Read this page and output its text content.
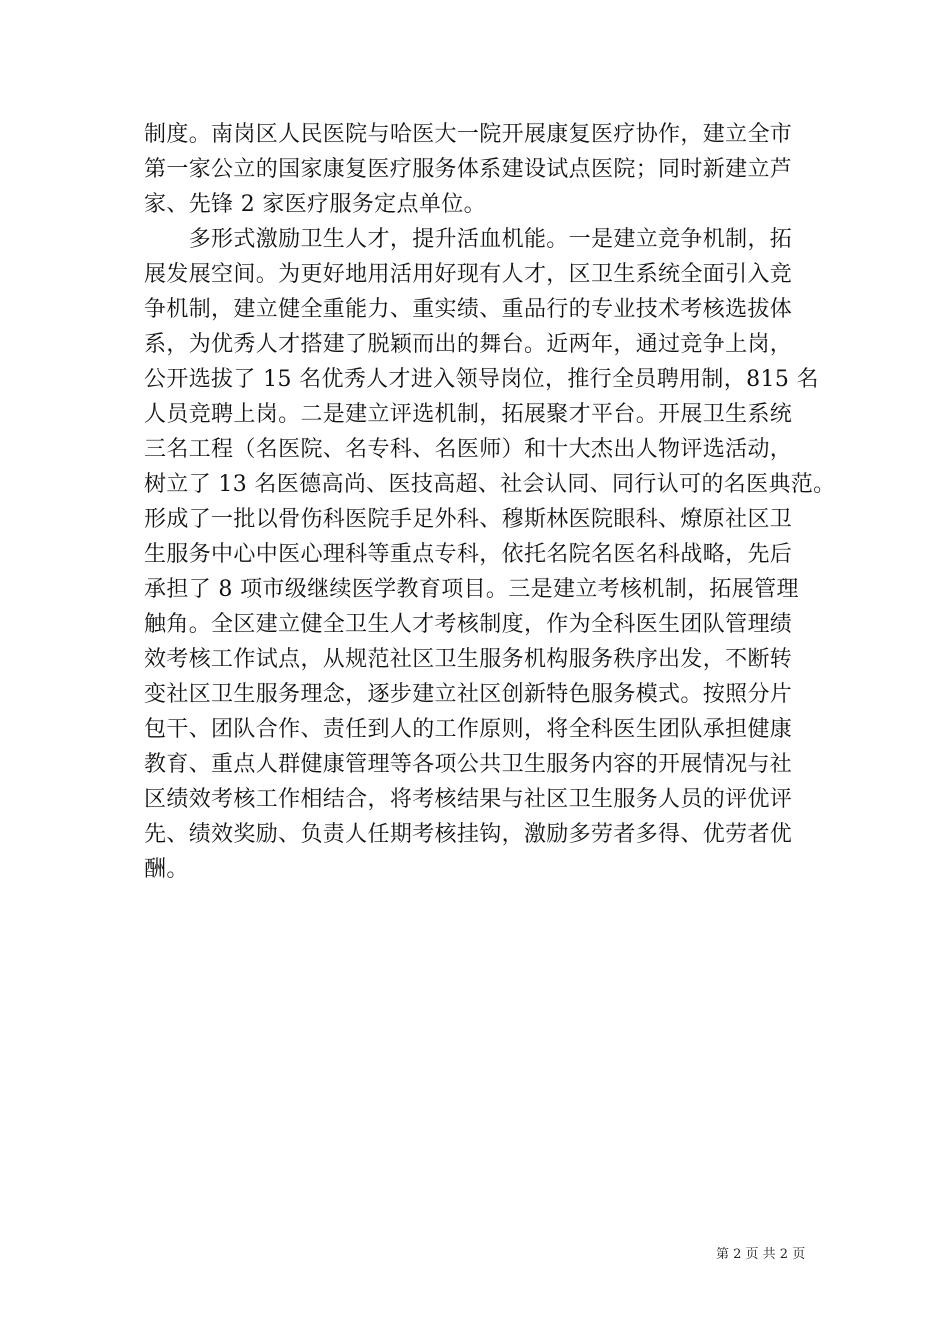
制度。南岗区人民医院与哈医大一院开展康复医疗协作，建立全市
第一家公立的国家康复医疗服务体系建设试点医院；同时新建立芦
家、先锋 2 家医疗服务定点单位。
　　多形式激励卫生人才，提升活血机能。一是建立竞争机制，拓
展发展空间。为更好地用活用好现有人才，区卫生系统全面引入竞
争机制，建立健全重能力、重实绩、重品行的专业技术考核选拔体
系，为优秀人才搭建了脱颖而出的舞台。近两年，通过竞争上岗，
公开选拔了 15 名优秀人才进入领导岗位，推行全员聘用制，815 名
人员竞聘上岗。二是建立评选机制，拓展聚才平台。开展卫生系统
三名工程（名医院、名专科、名医师）和十大杰出人物评选活动，
树立了 13 名医德高尚、医技高超、社会认同、同行认可的名医典范。
形成了一批以骨伤科医院手足外科、穆斯林医院眼科、燎原社区卫
生服务中心中医心理科等重点专科，依托名院名医名科战略，先后
承担了 8 项市级继续医学教育项目。三是建立考核机制，拓展管理
触角。全区建立健全卫生人才考核制度，作为全科医生团队管理绩
效考核工作试点，从规范社区卫生服务机构服务秩序出发，不断转
变社区卫生服务理念，逐步建立社区创新特色服务模式。按照分片
包干、团队合作、责任到人的工作原则，将全科医生团队承担健康
教育、重点人群健康管理等各项公共卫生服务内容的开展情况与社
区绩效考核工作相结合，将考核结果与社区卫生服务人员的评优评
先、绩效奖励、负责人任期考核挂钩，激励多劳者多得、优劳者优
酬。
第 2 页 共 2 页
